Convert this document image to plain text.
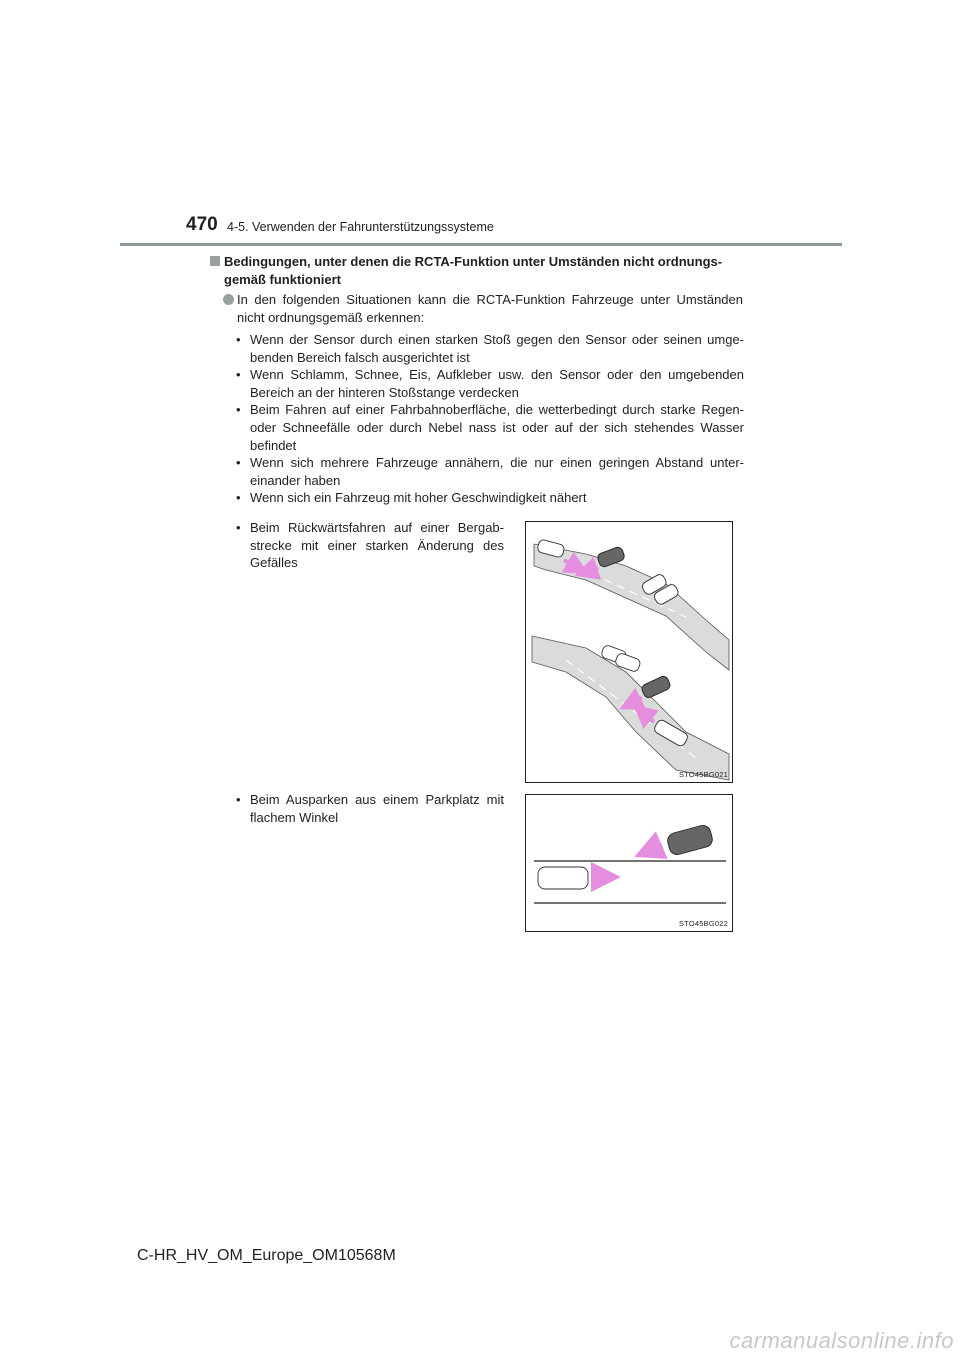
470 4-5. Verwenden der Fahrunterstützungssysteme
Bedingungen, unter denen die RCTA-Funktion unter Umständen nicht ordnungs-gemäß funktioniert
In den folgenden Situationen kann die RCTA-Funktion Fahrzeuge unter Umständen nicht ordnungsgemäß erkennen:
• Wenn der Sensor durch einen starken Stoß gegen den Sensor oder seinen umge-benden Bereich falsch ausgerichtet ist
• Wenn Schlamm, Schnee, Eis, Aufkleber usw. den Sensor oder den umgebenden Bereich an der hinteren Stoßstange verdecken
• Beim Fahren auf einer Fahrbahnoberfläche, die wetterbedingt durch starke Regen- oder Schneefälle oder durch Nebel nass ist oder auf der sich stehendes Wasser befindet
• Wenn sich mehrere Fahrzeuge annähern, die nur einen geringen Abstand unter-einander haben
• Wenn sich ein Fahrzeug mit hoher Geschwindigkeit nähert
• Beim Rückwärtsfahren auf einer Bergab-strecke mit einer starken Änderung des Gefälles
STO45BG021
• Beim Ausparken aus einem Parkplatz mit flachem Winkel
STO45BG022
C-HR_HV_OM_Europe_OM10568M
carmanualsonline.info
